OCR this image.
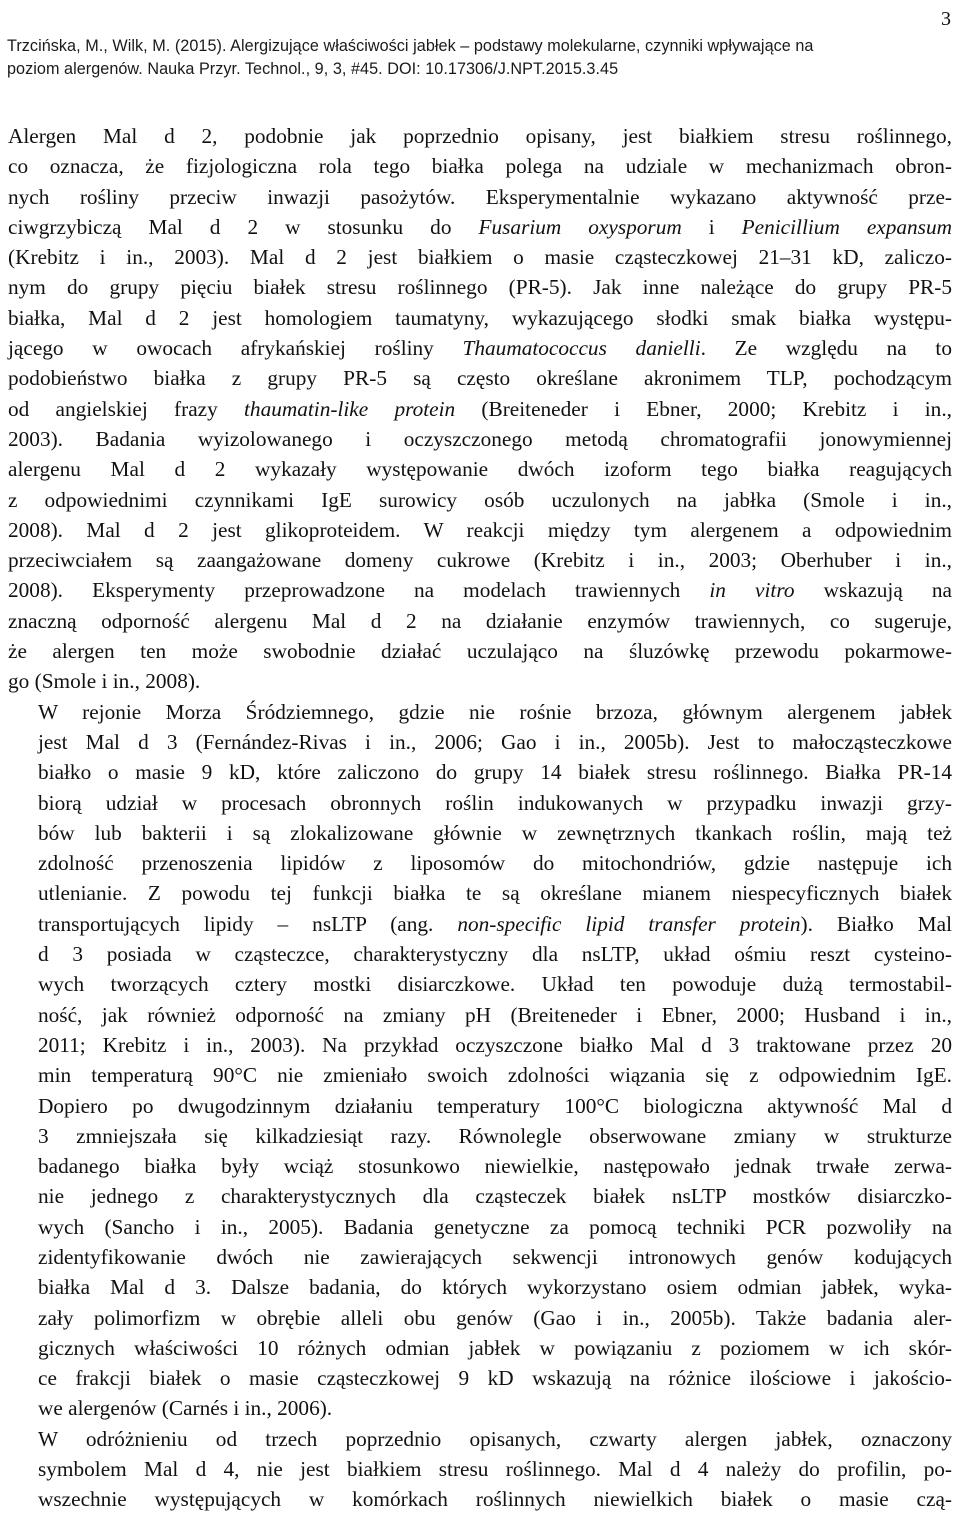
3
Trzcińska, M., Wilk, M. (2015). Alergizujące właściwości jabłek – podstawy molekularne, czynniki wpływające na
poziom alergenów. Nauka Przyr. Technol., 9, 3, #45. DOI: 10.17306/J.NPT.2015.3.45

Alergen Mal d 2, podobnie jak poprzednio opisany, jest białkiem stresu roślinnego,
co oznacza, że fizjologiczna rola tego białka polega na udziale w mechanizmach obron-
nych rośliny przeciw inwazji pasożytów. Eksperymentalnie wykazano aktywność prze-
ciwgrzybiczą Mal d 2 w stosunku do Fusarium oxysporum i Penicillium expansum
(Krebitz i in., 2003). Mal d 2 jest białkiem o masie cząsteczkowej 21–31 kD, zaliczo-
nym do grupy pięciu białek stresu roślinnego (PR-5). Jak inne należące do grupy PR-5
białka, Mal d 2 jest homologiem taumatyny, wykazującego słodki smak białka występu-
jącego w owocach afrykańskiej rośliny Thaumatococcus danielli. Ze względu na to
podobieństwo białka z grupy PR-5 są często określane akronimem TLP, pochodzącym
od angielskiej frazy thaumatin-like protein (Breiteneder i Ebner, 2000; Krebitz i in.,
2003). Badania wyizolowanego i oczyszczonego metodą chromatografii jonowymiennej
alergenu Mal d 2 wykazały występowanie dwóch izoform tego białka reagujących
z odpowiednimi czynnikami IgE surowicy osób uczulonych na jabłka (Smole i in.,
2008). Mal d 2 jest glikoproteidem. W reakcji między tym alergenem a odpowiednim
przeciwciałem są zaangażowane domeny cukrowe (Krebitz i in., 2003; Oberhuber i in.,
2008). Eksperymenty przeprowadzone na modelach trawiennych in vitro wskazują na
znaczną odporność alergenu Mal d 2 na działanie enzymów trawiennych, co sugeruje,
że alergen ten może swobodnie działać uczulająco na śluzówkę przewodu pokarmowe-
go (Smole i in., 2008).

W rejonie Morza Śródziemnego, gdzie nie rośnie brzoza, głównym alergenem jabłek
jest Mal d 3 (Fernández-Rivas i in., 2006; Gao i in., 2005b). Jest to małocząsteczkowe
białko o masie 9 kD, które zaliczono do grupy 14 białek stresu roślinnego. Białka PR-14
biorą udział w procesach obronnych roślin indukowanych w przypadku inwazji grzy-
bów lub bakterii i są zlokalizowane głównie w zewnętrznych tkankach roślin, mają też
zdolność przenoszenia lipidów z liposomów do mitochondriów, gdzie następuje ich
utlenianie. Z powodu tej funkcji białka te są określane mianem niespecyficznych białek
transportujących lipidy – nsLTP (ang. non-specific lipid transfer protein). Białko Mal
d 3 posiada w cząsteczce, charakterystyczny dla nsLTP, układ ośmiu reszt cysteino-
wych tworzących cztery mostki disiarczkowe. Układ ten powoduje dużą termostabil-
ność, jak również odporność na zmiany pH (Breiteneder i Ebner, 2000; Husband i in.,
2011; Krebitz i in., 2003). Na przykład oczyszczone białko Mal d 3 traktowane przez 20
min temperaturą 90°C nie zmieniało swoich zdolności wiązania się z odpowiednim IgE.
Dopiero po dwugodzinnym działaniu temperatury 100°C biologiczna aktywność Mal d
3 zmniejszała się kilkadziesiąt razy. Równolegle obserwowane zmiany w strukturze
badanego białka były wciąż stosunkowo niewielkie, następowało jednak trwałe zerwa-
nie jednego z charakterystycznych dla cząsteczek białek nsLTP mostków disiarczko-
wych (Sancho i in., 2005). Badania genetyczne za pomocą techniki PCR pozwoliły na
zidentyfikowanie dwóch nie zawierających sekwencji intronowych genów kodujących
białka Mal d 3. Dalsze badania, do których wykorzystano osiem odmian jabłek, wyka-
zały polimorfizm w obrębie alleli obu genów (Gao i in., 2005b). Także badania aler-
gicznych właściwości 10 różnych odmian jabłek w powiązaniu z poziomem w ich skór-
ce frakcji białek o masie cząsteczkowej 9 kD wskazują na różnice ilościowe i jakościo-
we alergenów (Carnés i in., 2006).

W odróżnieniu od trzech poprzednio opisanych, czwarty alergen jabłek, oznaczony
symbolem Mal d 4, nie jest białkiem stresu roślinnego. Mal d 4 należy do profilin, po-
wszechnie występujących w komórkach roślinnych niewielkich białek o masie czą-
